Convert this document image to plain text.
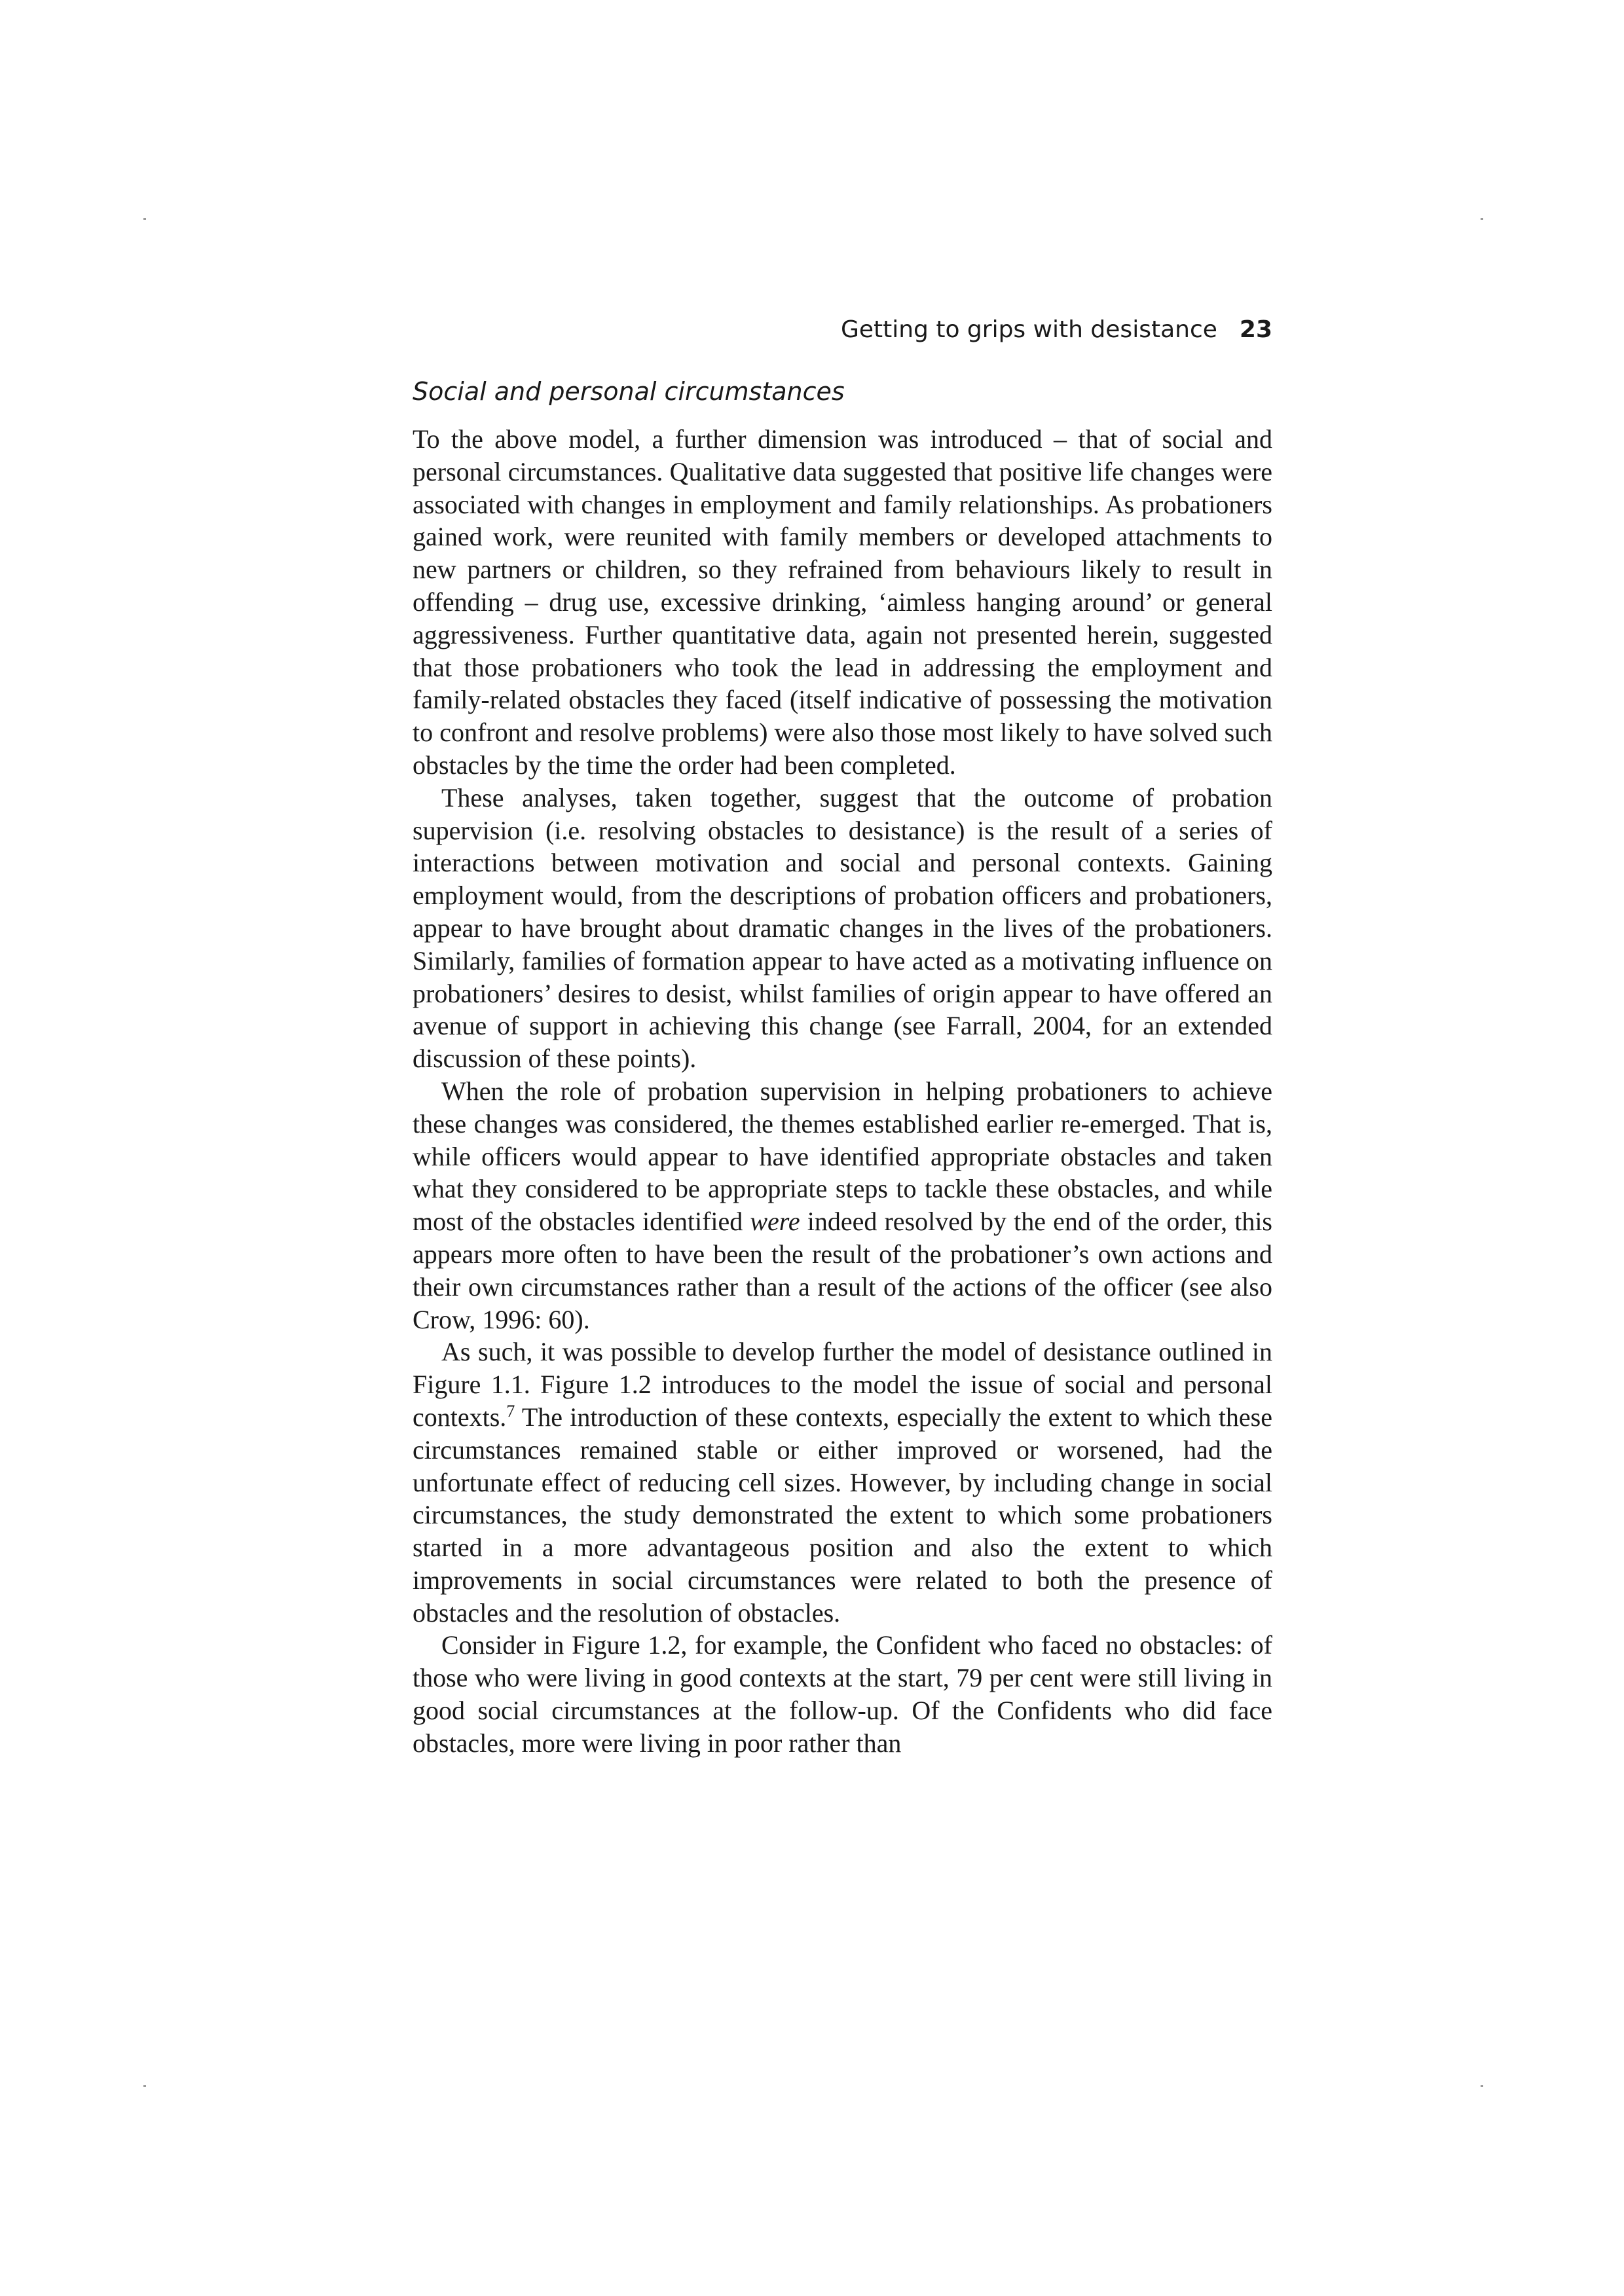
Getting to grips with desistance 23
Social and personal circumstances

To the above model, a further dimension was introduced – that of social and personal circumstances. Qualitative data suggested that positive life changes were associated with changes in employment and family relationships. As probationers gained work, were reunited with family members or developed attachments to new partners or children, so they refrained from behaviours likely to result in offending – drug use, excessive drinking, ‘aimless hanging around’ or general aggressiveness. Further quantitative data, again not presented herein, suggested that those probationers who took the lead in addressing the employment and family-related obstacles they faced (itself indicative of possessing the motivation to confront and resolve problems) were also those most likely to have solved such obstacles by the time the order had been completed.

These analyses, taken together, suggest that the outcome of probation supervision (i.e. resolving obstacles to desistance) is the result of a series of interactions between motivation and social and personal contexts. Gaining employment would, from the descriptions of probation officers and probationers, appear to have brought about dramatic changes in the lives of the probationers. Similarly, families of formation appear to have acted as a motivating influence on probationers’ desires to desist, whilst families of origin appear to have offered an avenue of support in achieving this change (see Farrall, 2004, for an extended discussion of these points).

When the role of probation supervision in helping probationers to achieve these changes was considered, the themes established earlier re-emerged. That is, while officers would appear to have identified appropriate obstacles and taken what they considered to be appropriate steps to tackle these obstacles, and while most of the obstacles identified were indeed resolved by the end of the order, this appears more often to have been the result of the probationer’s own actions and their own circumstances rather than a result of the actions of the officer (see also Crow, 1996: 60).

As such, it was possible to develop further the model of desistance outlined in Figure 1.1. Figure 1.2 introduces to the model the issue of social and personal contexts.$^7$ The introduction of these contexts, especially the extent to which these circumstances remained stable or either improved or worsened, had the unfortunate effect of reducing cell sizes. However, by including change in social circumstances, the study demonstrated the extent to which some probationers started in a more advantageous position and also the extent to which improvements in social circumstances were related to both the presence of obstacles and the resolution of obstacles.

Consider in Figure 1.2, for example, the Confident who faced no obstacles: of those who were living in good contexts at the start, 79 per cent were still living in good social circumstances at the follow-up. Of the Confidents who did face obstacles, more were living in poor rather than
